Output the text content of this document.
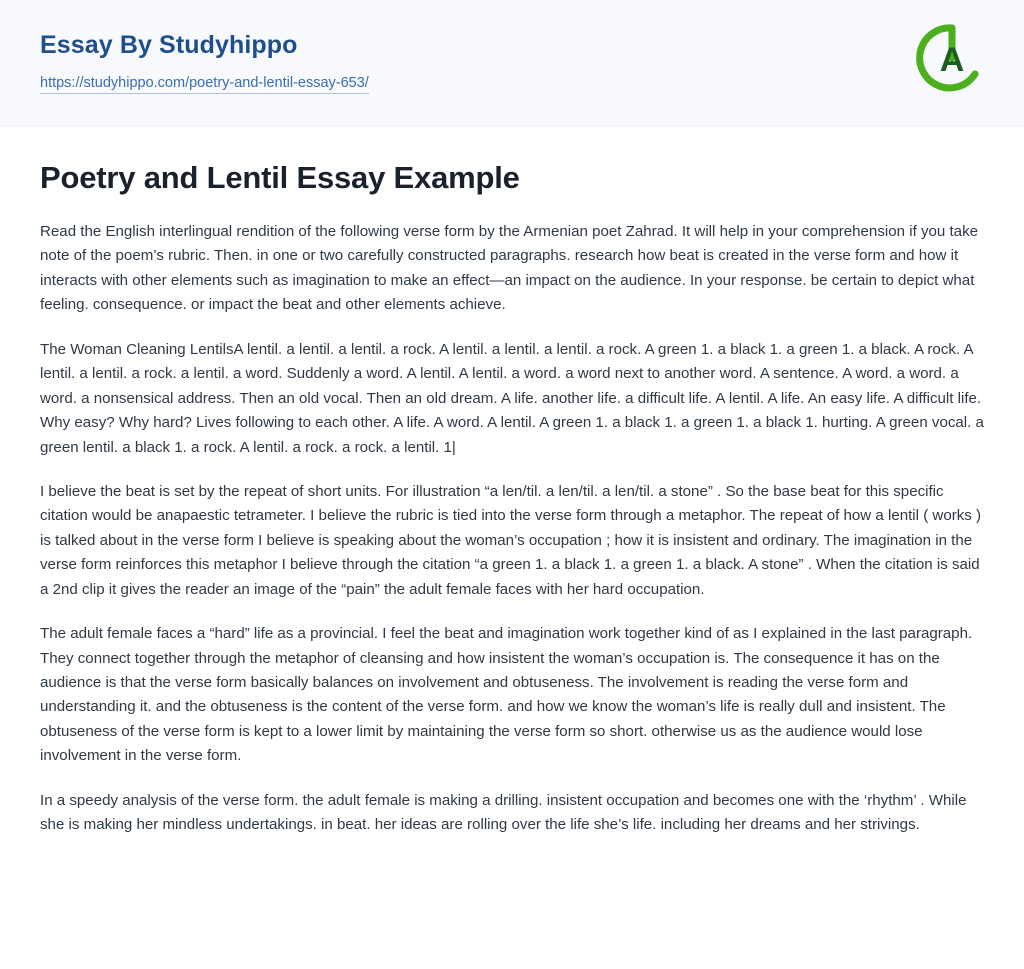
Essay By Studyhippo
https://studyhippo.com/poetry-and-lentil-essay-653/
A
Poetry and Lentil Essay Example

Read the English interlingual rendition of the following verse form by the Armenian poet Zahrad. It will help in your comprehension if you take note of the poem’s rubric. Then. in one or two carefully constructed paragraphs. research how beat is created in the verse form and how it interacts with other elements such as imagination to make an effect—an impact on the audience. In your response. be certain to depict what feeling. consequence. or impact the beat and other elements achieve.

The Woman Cleaning LentilsA lentil. a lentil. a lentil. a rock. A lentil. a lentil. a lentil. a rock. A green 1. a black 1. a green 1. a black. A rock. A lentil. a lentil. a rock. a lentil. a word. Suddenly a word. A lentil. A lentil. a word. a word next to another word. A sentence. A word. a word. a word. a nonsensical address. Then an old vocal. Then an old dream. A life. another life. a difficult life. A lentil. A life. An easy life. A difficult life. Why easy? Why hard? Lives following to each other. A life. A word. A lentil. A green 1. a black 1. a green 1. a black 1. hurting. A green vocal. a green lentil. a black 1. a rock. A lentil. a rock. a rock. a lentil. 1|

I believe the beat is set by the repeat of short units. For illustration “a len/til. a len/til. a len/til. a stone” . So the base beat for this specific citation would be anapaestic tetrameter. I believe the rubric is tied into the verse form through a metaphor. The repeat of how a lentil ( works ) is talked about in the verse form I believe is speaking about the woman’s occupation ; how it is insistent and ordinary. The imagination in the verse form reinforces this metaphor I believe through the citation “a green 1. a black 1. a green 1. a black. A stone” . When the citation is said a 2nd clip it gives the reader an image of the “pain” the adult female faces with her hard occupation.

The adult female faces a “hard” life as a provincial. I feel the beat and imagination work together kind of as I explained in the last paragraph. They connect together through the metaphor of cleansing and how insistent the woman’s occupation is. The consequence it has on the audience is that the verse form basically balances on involvement and obtuseness. The involvement is reading the verse form and understanding it. and the obtuseness is the content of the verse form. and how we know the woman’s life is really dull and insistent. The obtuseness of the verse form is kept to a lower limit by maintaining the verse form so short. otherwise us as the audience would lose involvement in the verse form.

In a speedy analysis of the verse form. the adult female is making a drilling. insistent occupation and becomes one with the ‘rhythm’ . While she is making her mindless undertakings. in beat. her ideas are rolling over the life she’s life. including her dreams and her strivings.
